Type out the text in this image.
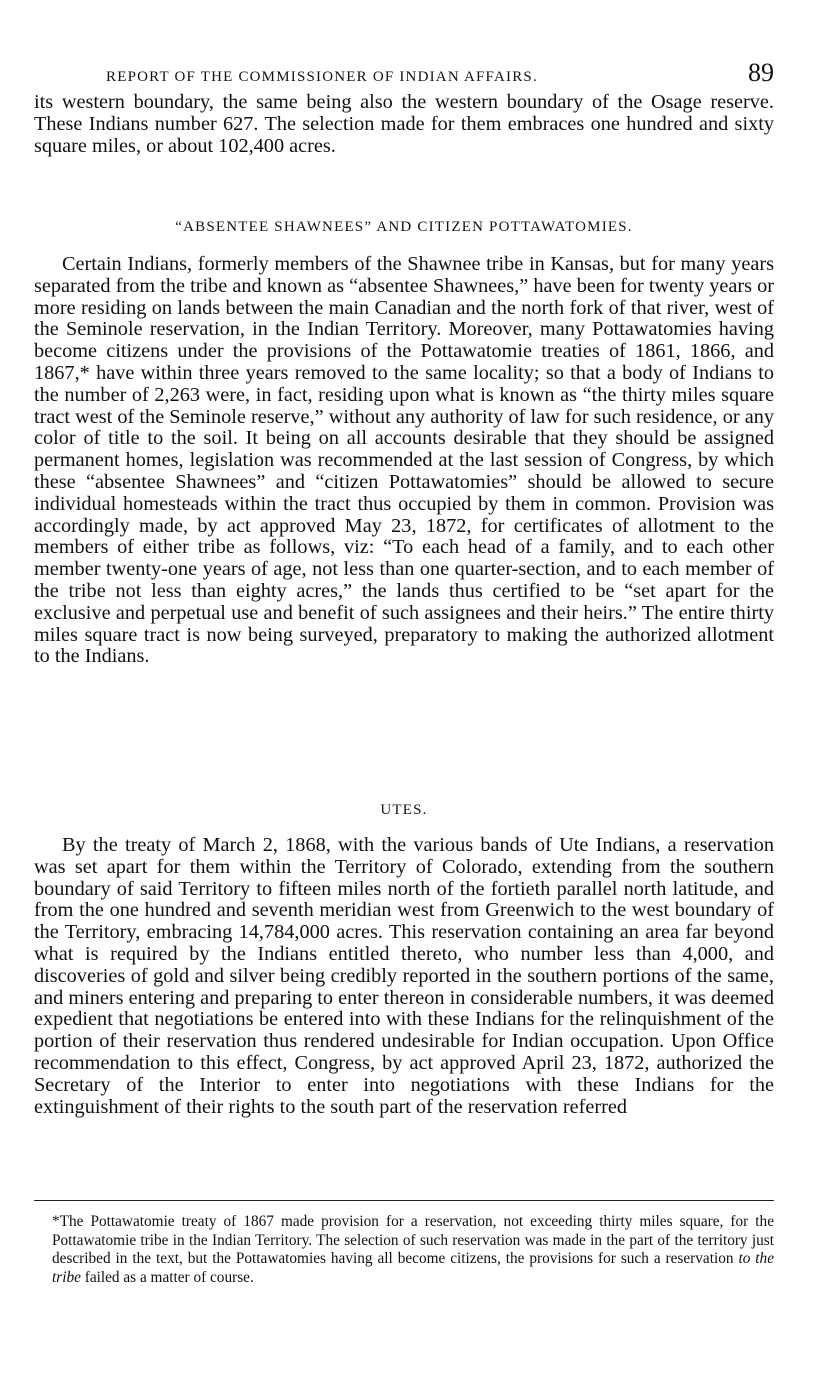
REPORT OF THE COMMISSIONER OF INDIAN AFFAIRS.	89

its western boundary, the same being also the western boundary of the Osage reserve. These Indians number 627. The selection made for them embraces one hundred and sixty square miles, or about 102,400 acres.

“ABSENTEE SHAWNEES” AND CITIZEN POTTAWATOMIES.

Certain Indians, formerly members of the Shawnee tribe in Kansas, but for many years separated from the tribe and known as “absentee Shawnees,” have been for twenty years or more residing on lands between the main Canadian and the north fork of that river, west of the Seminole reservation, in the Indian Territory. Moreover, many Pottawatomies having become citizens under the provisions of the Pottawatomie treaties of 1861, 1866, and 1867,* have within three years removed to the same locality; so that a body of Indians to the number of 2,263 were, in fact, residing upon what is known as “the thirty miles square tract west of the Seminole reserve,” without any authority of law for such residence, or any color of title to the soil. It being on all accounts desirable that they should be assigned permanent homes, legislation was recommended at the last session of Congress, by which these “absentee Shawnees” and “citizen Pottawatomies” should be allowed to secure individual homesteads within the tract thus occupied by them in common. Provision was accordingly made, by act approved May 23, 1872, for certificates of allotment to the members of either tribe as follows, viz: “To each head of a family, and to each other member twenty-one years of age, not less than one quarter-section, and to each member of the tribe not less than eighty acres,” the lands thus certified to be “set apart for the exclusive and perpetual use and benefit of such assignees and their heirs.” The entire thirty miles square tract is now being surveyed, preparatory to making the authorized allotment to the Indians.

UTES.

By the treaty of March 2, 1868, with the various bands of Ute Indians, a reservation was set apart for them within the Territory of Colorado, extending from the southern boundary of said Territory to fifteen miles north of the fortieth parallel north latitude, and from the one hundred and seventh meridian west from Greenwich to the west boundary of the Territory, embracing 14,784,000 acres. This reservation containing an area far beyond what is required by the Indians entitled thereto, who number less than 4,000, and discoveries of gold and silver being credibly reported in the southern portions of the same, and miners entering and preparing to enter thereon in considerable numbers, it was deemed expedient that negotiations be entered into with these Indians for the relinquishment of the portion of their reservation thus rendered undesirable for Indian occupation. Upon Office recommendation to this effect, Congress, by act approved April 23, 1872, authorized the Secretary of the Interior to enter into negotiations with these Indians for the extinguishment of their rights to the south part of the reservation referred

*The Pottawatomie treaty of 1867 made provision for a reservation, not exceeding thirty miles square, for the Pottawatomie tribe in the Indian Territory. The selection of such reservation was made in the part of the territory just described in the text, but the Pottawatomies having all become citizens, the provisions for such a reservation to the tribe failed as a matter of course.
